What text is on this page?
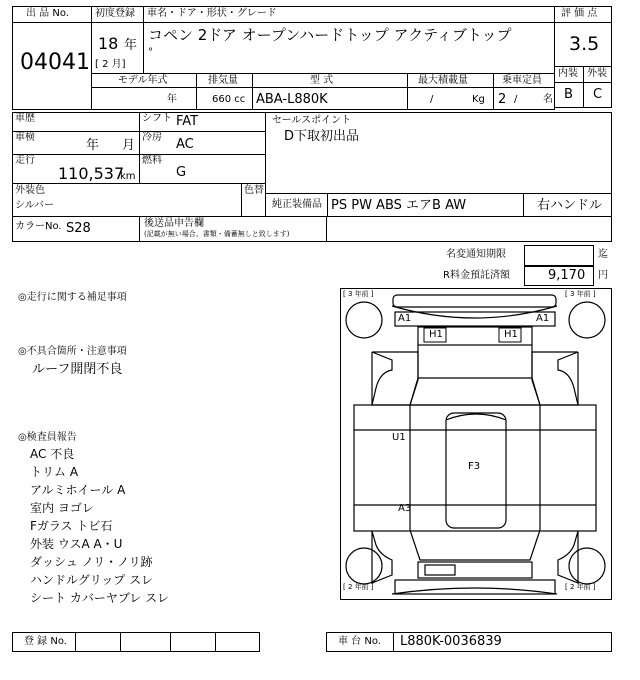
出 品 No.
04041
初度登録
18 年
[ 2 月]
車名・ドア・形状・グレード
コペン 2ドア オープンハードトップ アクティブトップ
°
評 価 点
3.5
内装 外装
B C
モデル年式
年
排気量
660 cc
型 式
ABA-L880K
最大積載量
/	Kg
乗車定員
2 /	名
車歴
車検
年 月
走行
110,537
km
シフト FAT
冷房 AC
燃料
G
セールスポイント
D下取初出品
外装色
シルバー
色替
純正装備品 PS PW ABS エアB AW	右ハンドル
カラーNo. S28	後送品申告欄
(記載が無い場合、書類・備蓄無しと致します)
名変通知期限	迄
R料金預託済額	9,170 円
◎走行に関する補足事項
◎不具合箇所・注意事項
ルーフ開閉不良
◎検査員報告
AC 不良
トリム A
アルミホイール A
室内 ヨゴレ
Fガラス トビ石
外装 ウスA A・U
ダッシュ ノリ・ノリ跡
ハンドルグリップ スレ
シート カバーヤブレ スレ
[ 3 年前 ]	[ 3 年前 ]
[ 2 年前 ]	[ 2 年前 ]
A1	A1
H1	H1
U1
F3
A3
登 録 No.	車 台 No. L880K-0036839
